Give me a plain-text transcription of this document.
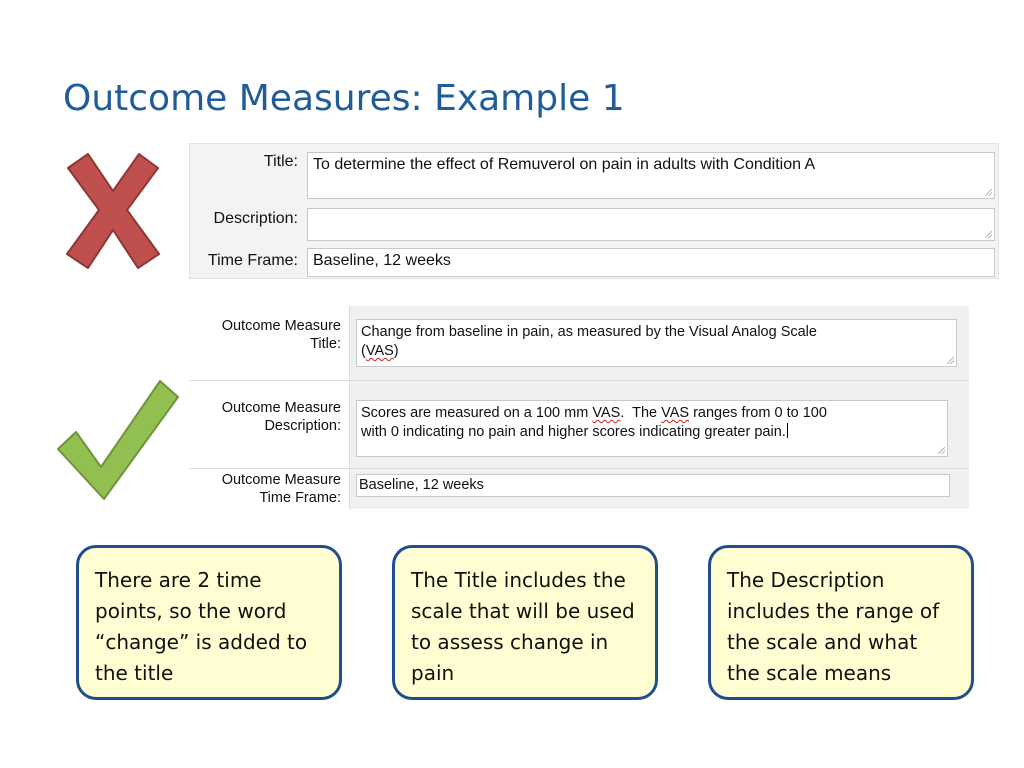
Outcome Measures: Example 1
Title: To determine the effect of Remuverol on pain in adults with Condition A
Description:
Time Frame: Baseline, 12 weeks
Outcome Measure
Title:
Change from baseline in pain, as measured by the Visual Analog Scale
(VAS)
Outcome Measure
Description:
Scores are measured on a 100 mm VAS.  The VAS ranges from 0 to 100
with 0 indicating no pain and higher scores indicating greater pain.
Outcome Measure
Time Frame:
Baseline, 12 weeks
There are 2 time points, so the word “change” is added to the title
The Title includes the scale that will be used to assess change in pain
The Description includes the range of the scale and what the scale means
